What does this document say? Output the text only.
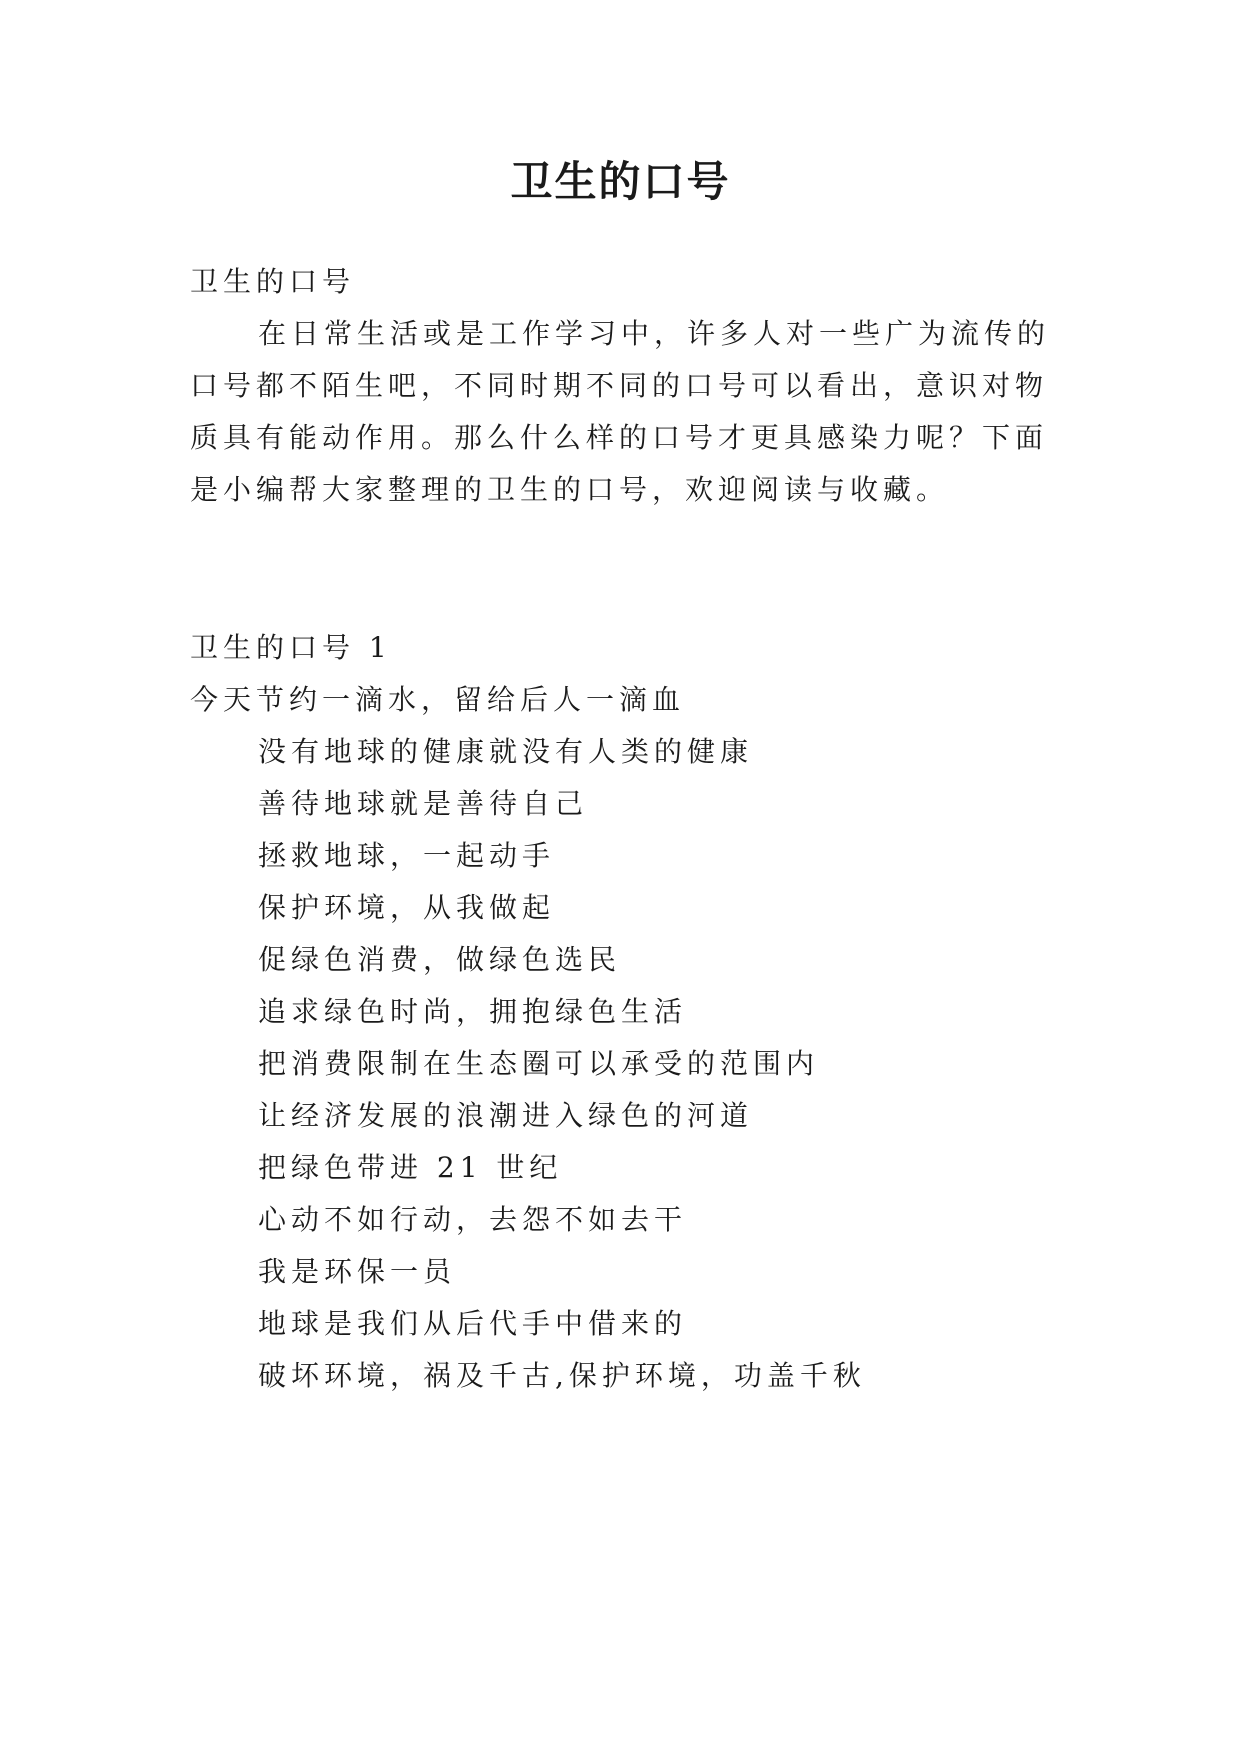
卫生的口号
卫生的口号
在日常生活或是工作学习中，许多人对一些广为流传的
口号都不陌生吧，不同时期不同的口号可以看出，意识对物
质具有能动作用。那么什么样的口号才更具感染力呢？下面
是小编帮大家整理的卫生的口号，欢迎阅读与收藏。
卫生的口号 1
今天节约一滴水，留给后人一滴血
没有地球的健康就没有人类的健康
善待地球就是善待自己
拯救地球，一起动手
保护环境，从我做起
促绿色消费，做绿色选民
追求绿色时尚，拥抱绿色生活
把消费限制在生态圈可以承受的范围内
让经济发展的浪潮进入绿色的河道
把绿色带进 21 世纪
心动不如行动，去怨不如去干
我是环保一员
地球是我们从后代手中借来的
破坏环境，祸及千古,保护环境，功盖千秋
